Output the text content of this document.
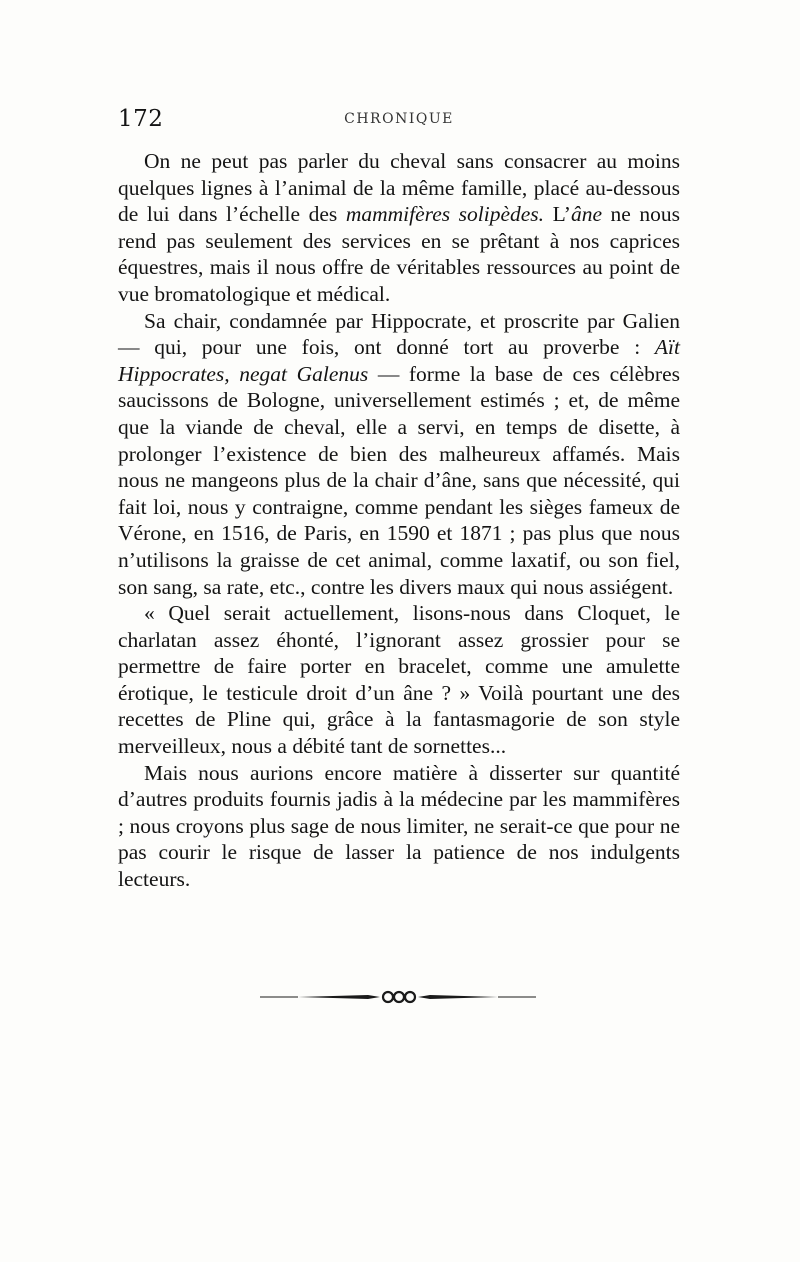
172	CHRONIQUE

On ne peut pas parler du cheval sans consacrer au moins quelques lignes à l’animal de la même famille, placé au-dessous de lui dans l’échelle des mammifères solipèdes. L’âne ne nous rend pas seulement des services en se prêtant à nos caprices équestres, mais il nous offre de véritables ressources au point de vue bromatologique et médical.

Sa chair, condamnée par Hippocrate, et proscrite par Galien — qui, pour une fois, ont donné tort au proverbe : Aït Hippocrates, negat Galenus — forme la base de ces célèbres saucissons de Bologne, universellement estimés ; et, de même que la viande de cheval, elle a servi, en temps de disette, à prolonger l’existence de bien des malheureux affamés. Mais nous ne mangeons plus de la chair d’âne, sans que nécessité, qui fait loi, nous y contraigne, comme pendant les sièges fameux de Vérone, en 1516, de Paris, en 1590 et 1871 ; pas plus que nous n’utilisons la graisse de cet animal, comme laxatif, ou son fiel, son sang, sa rate, etc., contre les divers maux qui nous assiégent.

« Quel serait actuellement, lisons-nous dans Cloquet, le charlatan assez éhonté, l’ignorant assez grossier pour se permettre de faire porter en bracelet, comme une amulette érotique, le testicule droit d’un âne ? » Voilà pourtant une des recettes de Pline qui, grâce à la fantasmagorie de son style merveilleux, nous a débité tant de sornettes...

Mais nous aurions encore matière à disserter sur quantité d’autres produits fournis jadis à la médecine par les mammifères ; nous croyons plus sage de nous limiter, ne serait-ce que pour ne pas courir le risque de lasser la patience de nos indulgents lecteurs.
